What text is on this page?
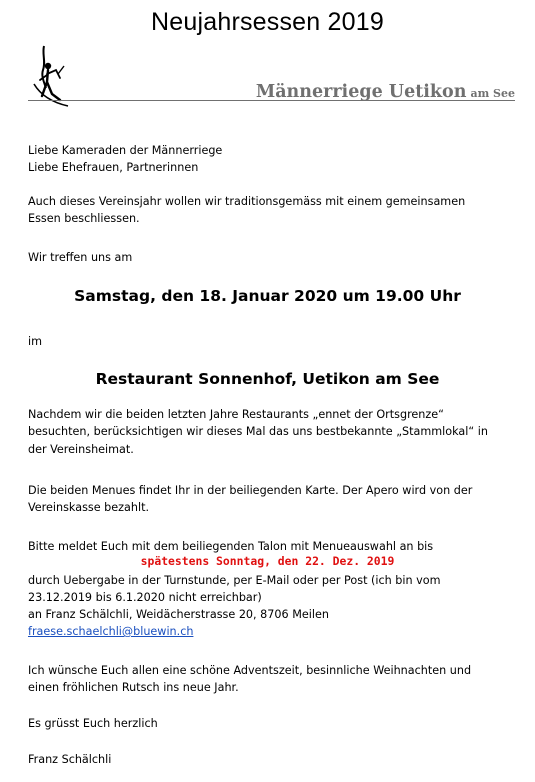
Neujahrsessen 2019
Männerriege Uetikon am See
Liebe Kameraden der Männerriege
Liebe Ehefrauen, Partnerinnen
Auch dieses Vereinsjahr wollen wir traditionsgemäss mit einem gemeinsamen
Essen beschliessen.
Wir treffen uns am
Samstag, den 18. Januar 2020 um 19.00 Uhr
im
Restaurant Sonnenhof, Uetikon am See
Nachdem wir die beiden letzten Jahre Restaurants „ennet der Ortsgrenze“
besuchten, berücksichtigen wir dieses Mal das uns bestbekannte „Stammlokal“ in
der Vereinsheimat.
Die beiden Menues findet Ihr in der beiliegenden Karte. Der Apero wird von der
Vereinskasse bezahlt.
Bitte meldet Euch mit dem beiliegenden Talon mit Menueauswahl an bis
spätestens Sonntag, den 22. Dez. 2019
durch Uebergabe in der Turnstunde, per E-Mail oder per Post (ich bin vom
23.12.2019 bis 6.1.2020 nicht erreichbar)
an Franz Schälchli, Weidächerstrasse 20, 8706 Meilen
fraese.schaelchli@bluewin.ch
Ich wünsche Euch allen eine schöne Adventszeit, besinnliche Weihnachten und
einen fröhlichen Rutsch ins neue Jahr.
Es grüsst Euch herzlich
Franz Schälchli
